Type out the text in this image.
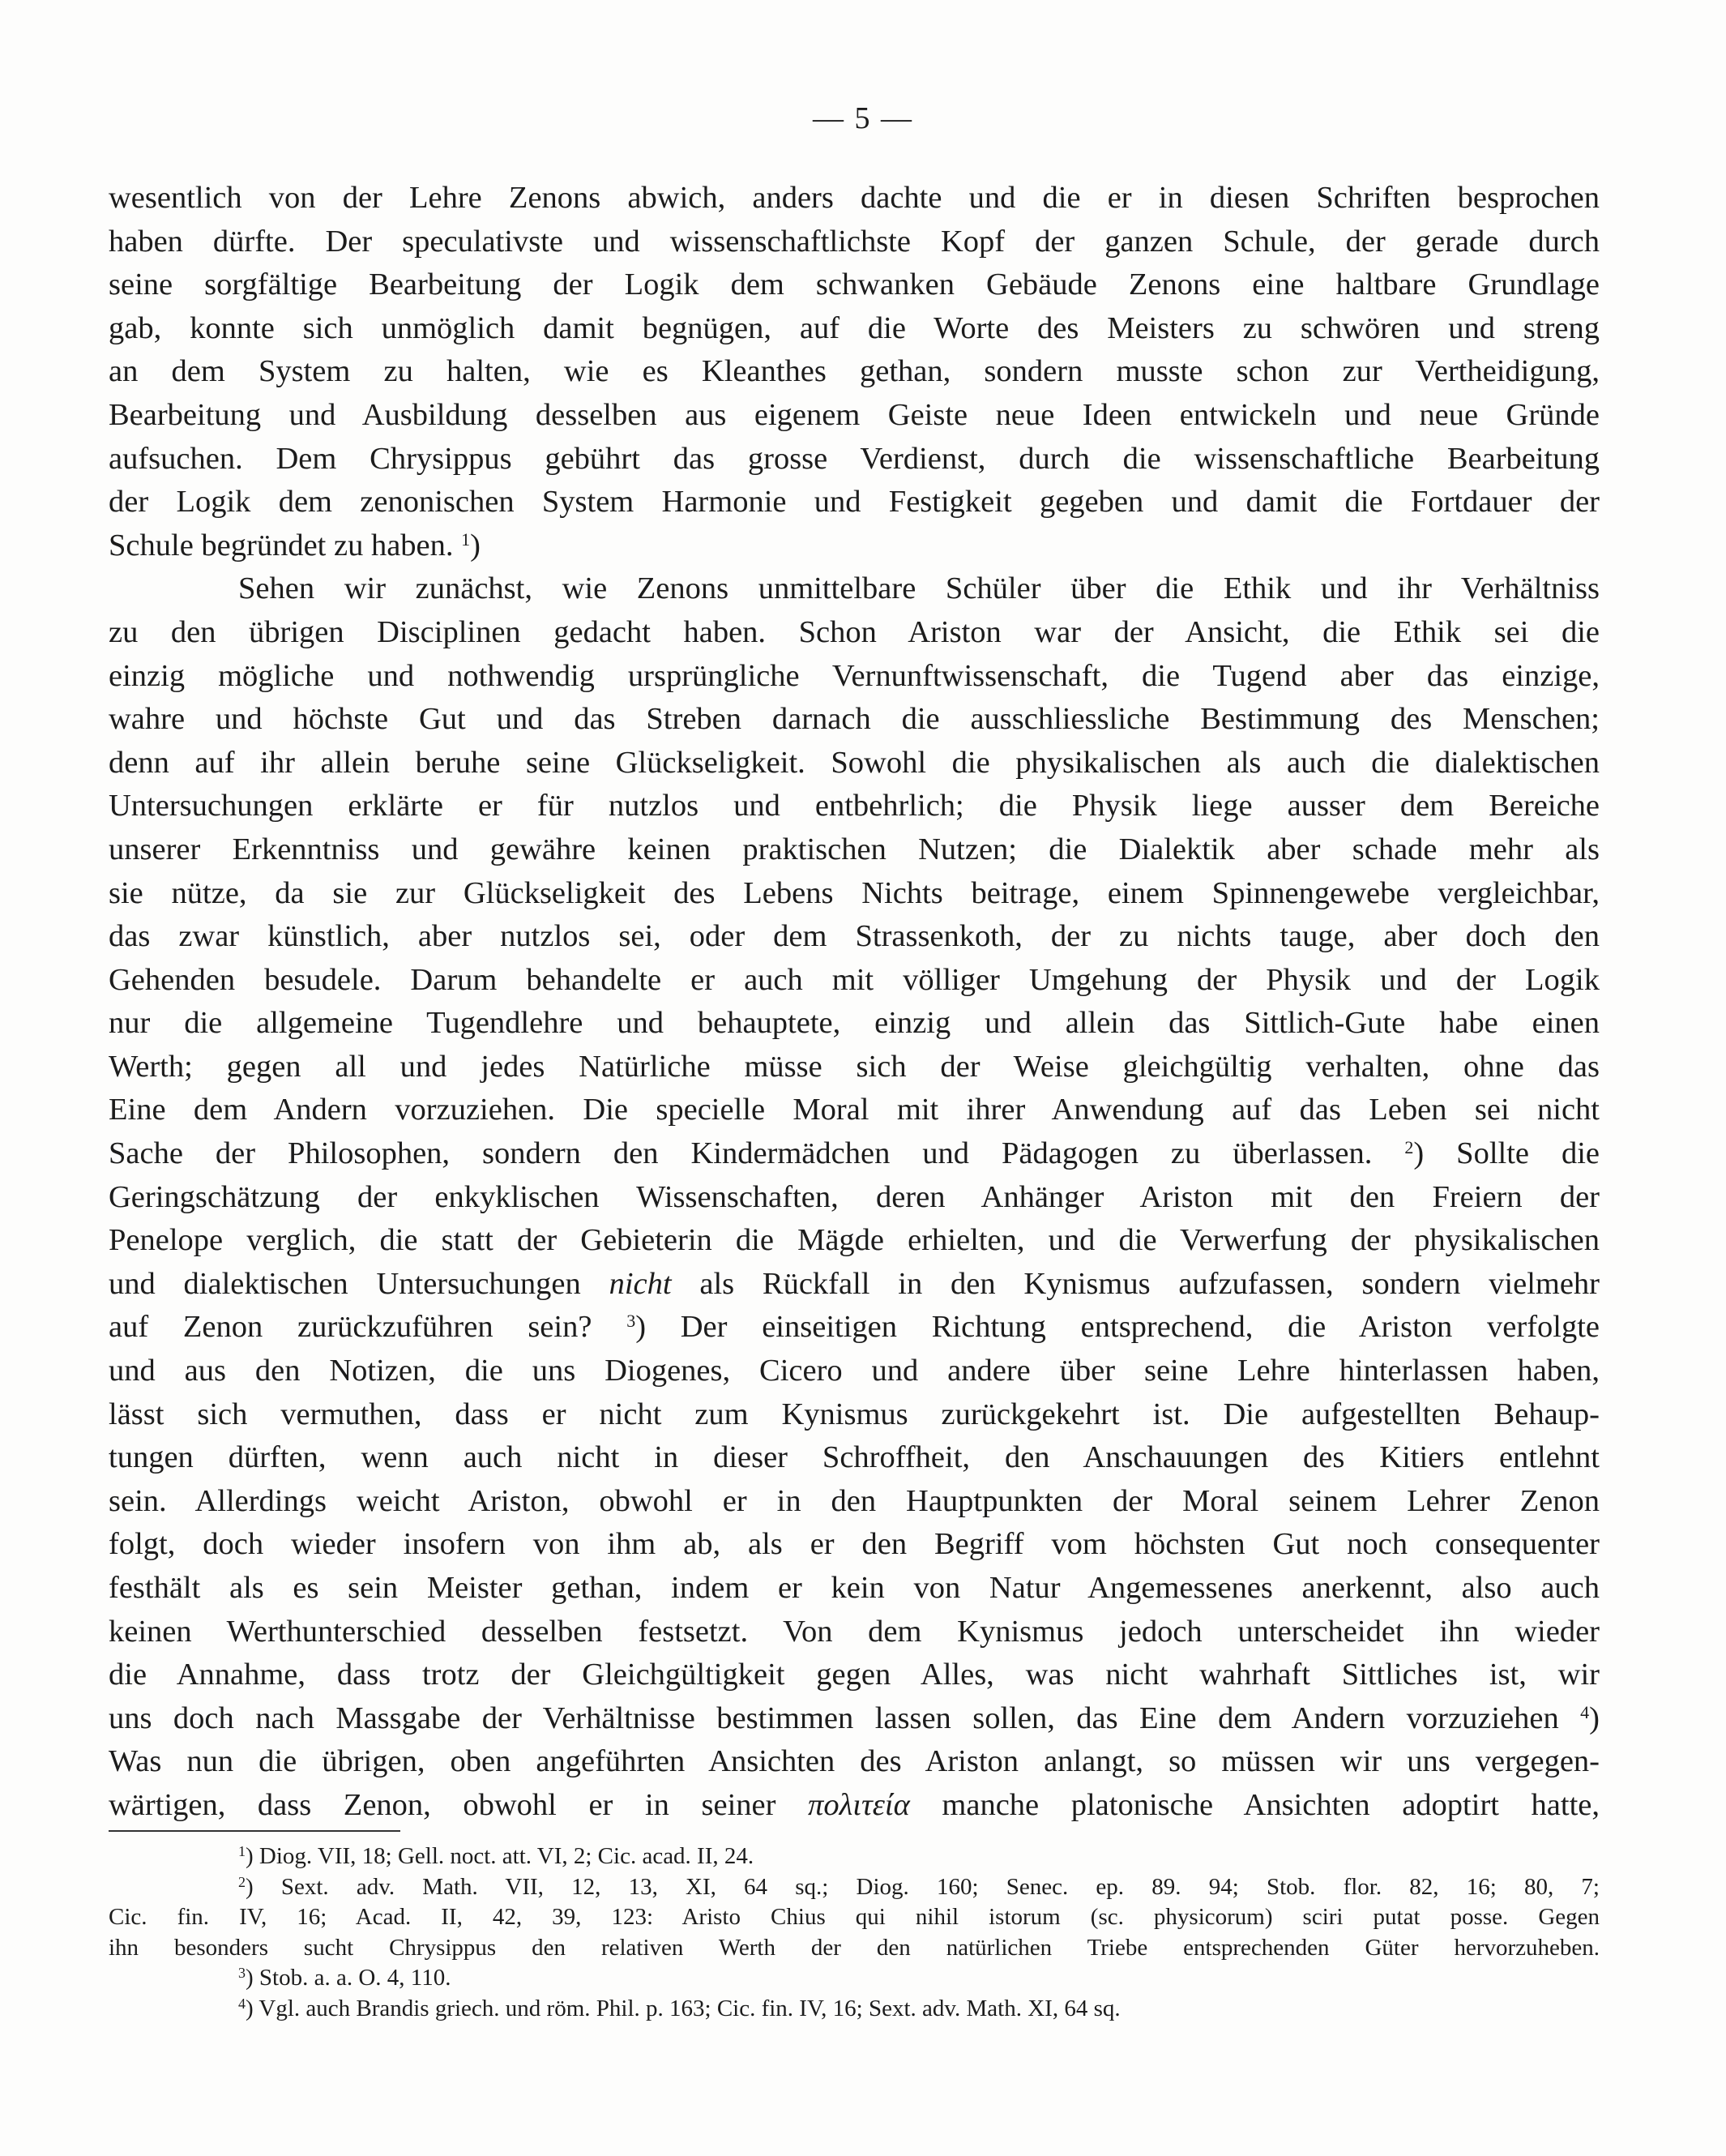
— 5 —
wesentlich von der Lehre Zenons abwich, anders dachte und die er in diesen Schriften besprochen
haben dürfte. Der speculativste und wissenschaftlichste Kopf der ganzen Schule, der gerade durch
seine sorgfältige Bearbeitung der Logik dem schwanken Gebäude Zenons eine haltbare Grundlage
gab, konnte sich unmöglich damit begnügen, auf die Worte des Meisters zu schwören und streng
an dem System zu halten, wie es Kleanthes gethan, sondern musste schon zur Vertheidigung,
Bearbeitung und Ausbildung desselben aus eigenem Geiste neue Ideen entwickeln und neue Gründe
aufsuchen. Dem Chrysippus gebührt das grosse Verdienst, durch die wissenschaftliche Bearbeitung
der Logik dem zenonischen System Harmonie und Festigkeit gegeben und damit die Fortdauer der
Schule begründet zu haben. $^1$)
Sehen wir zunächst, wie Zenons unmittelbare Schüler über die Ethik und ihr Verhältniss
zu den übrigen Disciplinen gedacht haben. Schon Ariston war der Ansicht, die Ethik sei die
einzig mögliche und nothwendig ursprüngliche Vernunftwissenschaft, die Tugend aber das einzige,
wahre und höchste Gut und das Streben darnach die ausschliessliche Bestimmung des Menschen;
denn auf ihr allein beruhe seine Glückseligkeit. Sowohl die physikalischen als auch die dialektischen
Untersuchungen erklärte er für nutzlos und entbehrlich; die Physik liege ausser dem Bereiche
unserer Erkenntniss und gewähre keinen praktischen Nutzen; die Dialektik aber schade mehr als
sie nütze, da sie zur Glückseligkeit des Lebens Nichts beitrage, einem Spinnengewebe vergleichbar,
das zwar künstlich, aber nutzlos sei, oder dem Strassenkoth, der zu nichts tauge, aber doch den
Gehenden besudele. Darum behandelte er auch mit völliger Umgehung der Physik und der Logik
nur die allgemeine Tugendlehre und behauptete, einzig und allein das Sittlich-Gute habe einen
Werth; gegen all und jedes Natürliche müsse sich der Weise gleichgültig verhalten, ohne das
Eine dem Andern vorzuziehen. Die specielle Moral mit ihrer Anwendung auf das Leben sei nicht
Sache der Philosophen, sondern den Kindermädchen und Pädagogen zu überlassen. $^2$) Sollte die
Geringschätzung der enkyklischen Wissenschaften, deren Anhänger Ariston mit den Freiern der
Penelope verglich, die statt der Gebieterin die Mägde erhielten, und die Verwerfung der physikalischen
und dialektischen Untersuchungen nicht als Rückfall in den Kynismus aufzufassen, sondern vielmehr
auf Zenon zurückzuführen sein? $^3$) Der einseitigen Richtung entsprechend, die Ariston verfolgte
und aus den Notizen, die uns Diogenes, Cicero und andere über seine Lehre hinterlassen haben,
lässt sich vermuthen, dass er nicht zum Kynismus zurückgekehrt ist. Die aufgestellten Behaup-
tungen dürften, wenn auch nicht in dieser Schroffheit, den Anschauungen des Kitiers entlehnt
sein. Allerdings weicht Ariston, obwohl er in den Hauptpunkten der Moral seinem Lehrer Zenon
folgt, doch wieder insofern von ihm ab, als er den Begriff vom höchsten Gut noch consequenter
festhält als es sein Meister gethan, indem er kein von Natur Angemessenes anerkennt, also auch
keinen Werthunterschied desselben festsetzt. Von dem Kynismus jedoch unterscheidet ihn wieder
die Annahme, dass trotz der Gleichgültigkeit gegen Alles, was nicht wahrhaft Sittliches ist, wir
uns doch nach Massgabe der Verhältnisse bestimmen lassen sollen, das Eine dem Andern vorzuziehen $^4$)
Was nun die übrigen, oben angeführten Ansichten des Ariston anlangt, so müssen wir uns vergegen-
wärtigen, dass Zenon, obwohl er in seiner πολιτεία manche platonische Ansichten adoptirt hatte,
$^1$) Diog. VII, 18; Gell. noct. att. VI, 2; Cic. acad. II, 24.
$^2$) Sext. adv. Math. VII, 12, 13, XI, 64 sq.; Diog. 160; Senec. ep. 89. 94; Stob. flor. 82, 16; 80, 7;
Cic. fin. IV, 16; Acad. II, 42, 39, 123: Aristo Chius qui nihil istorum (sc. physicorum) sciri putat posse. Gegen
ihn besonders sucht Chrysippus den relativen Werth der den natürlichen Triebe entsprechenden Güter hervorzuheben.
$^3$) Stob. a. a. O. 4, 110.
$^4$) Vgl. auch Brandis griech. und röm. Phil. p. 163; Cic. fin. IV, 16; Sext. adv. Math. XI, 64 sq.
